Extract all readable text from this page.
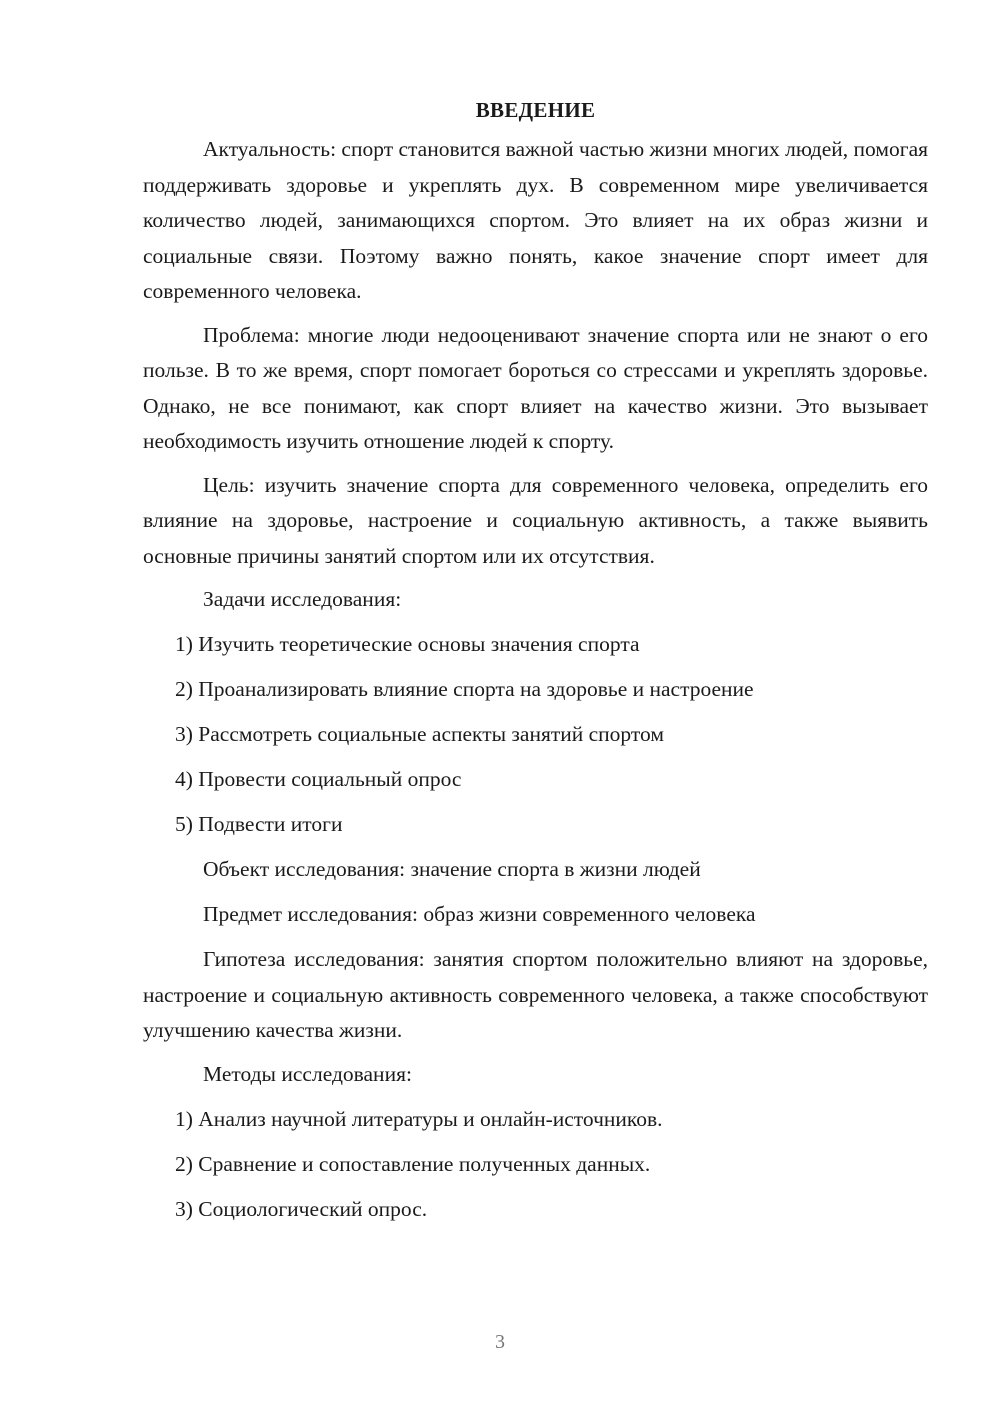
ВВЕДЕНИЕ

Актуальность: спорт становится важной частью жизни многих людей, помогая поддерживать здоровье и укреплять дух. В современном мире увеличивается количество людей, занимающихся спортом. Это влияет на их образ жизни и социальные связи. Поэтому важно понять, какое значение спорт имеет для современного человека.

Проблема: многие люди недооценивают значение спорта или не знают о его пользе. В то же время, спорт помогает бороться со стрессами и укреплять здоровье. Однако, не все понимают, как спорт влияет на качество жизни. Это вызывает необходимость изучить отношение людей к спорту.

Цель: изучить значение спорта для современного человека, определить его влияние на здоровье, настроение и социальную активность, а также выявить основные причины занятий спортом или их отсутствия.

Задачи исследования:
1) Изучить теоретические основы значения спорта
2) Проанализировать влияние спорта на здоровье и настроение
3) Рассмотреть социальные аспекты занятий спортом
4) Провести социальный опрос
5) Подвести итоги
Объект исследования: значение спорта в жизни людей
Предмет исследования: образ жизни современного человека

Гипотеза исследования: занятия спортом положительно влияют на здоровье, настроение и социальную активность современного человека, а также способствуют улучшению качества жизни.

Методы исследования:
1) Анализ научной литературы и онлайн-источников.
2) Сравнение и сопоставление полученных данных.
3) Социологический опрос.
3
